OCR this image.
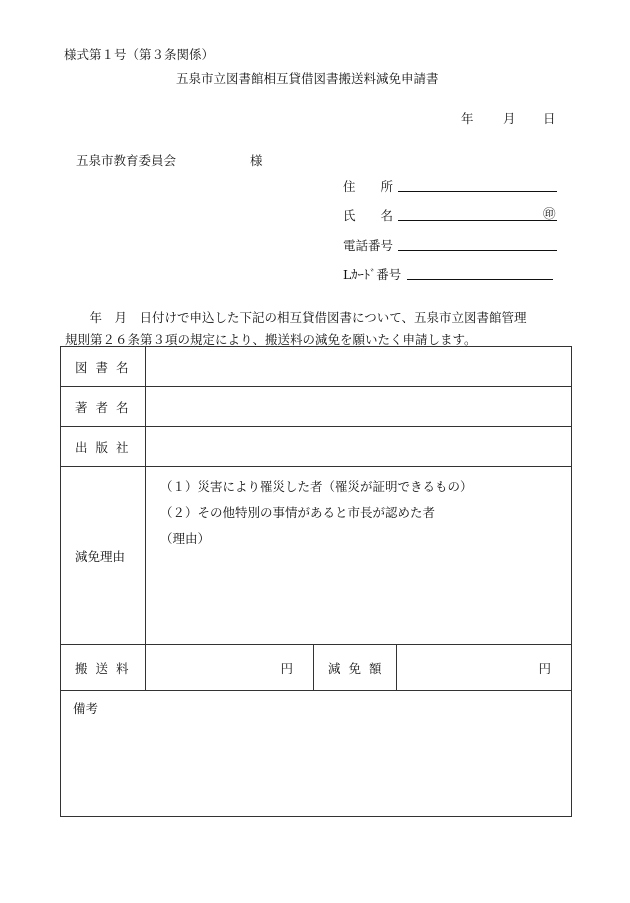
様式第１号（第３条関係）
五泉市立図書館相互貸借図書搬送料減免申請書
年 月 日
五泉市教育委員会	様
住　　所
氏　　名	㊞
電話番号
Lｶｰﾄﾞ番号
　年　月　日付けで申込した下記の相互貸借図書について、五泉市立図書館管理
規則第２６条第３項の規定により、搬送料の減免を願いたく申請します。
図 書 名			
著 者 名			
出 版 社			
減免理由	（１）災害により罹災した者（罹災が証明できるもの）
（２）その他特別の事情があると市長が認めた者
（理由）		

搬 送 料	円	減 免 額	円
備考			
